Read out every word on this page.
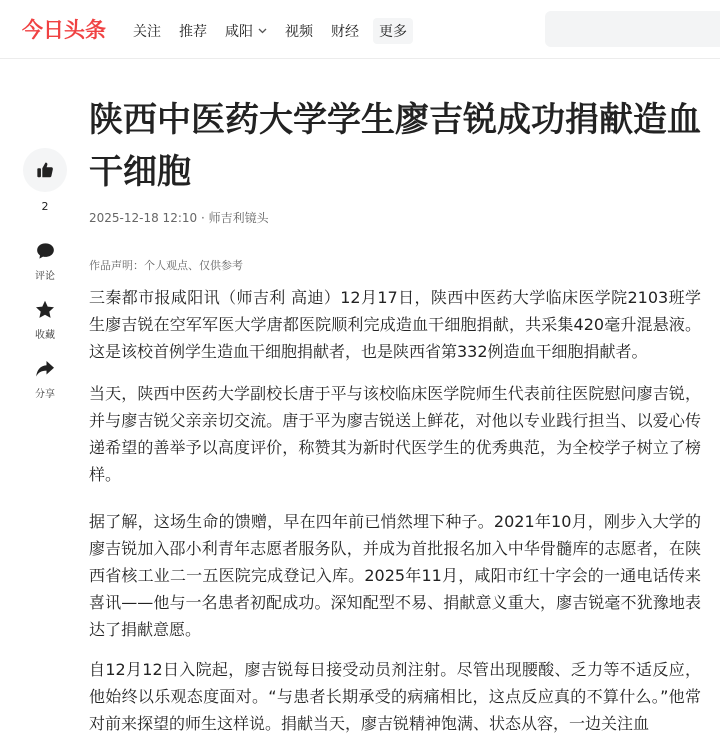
今日头条 关注 推荐 咸阳	视频 财经	更多
2
评论
收藏
分享
陕西中医药大学学生廖吉锐成功捐献造血干细胞
2025-12-18 12:10 · 师吉利镜头
作品声明：个人观点、仅供参考

三秦都市报咸阳讯（师吉利 高迪）12月17日，陕西中医药大学临床医学院2103班学生廖吉锐在空军军医大学唐都医院顺利完成造血干细胞捐献，共采集420毫升混悬液。这是该校首例学生造血干细胞捐献者，也是陕西省第332例造血干细胞捐献者。

当天，陕西中医药大学副校长唐于平与该校临床医学院师生代表前往医院慰问廖吉锐，并与廖吉锐父亲亲切交流。唐于平为廖吉锐送上鲜花，对他以专业践行担当、以爱心传递希望的善举予以高度评价，称赞其为新时代医学生的优秀典范，为全校学子树立了榜样。

据了解，这场生命的馈赠，早在四年前已悄然埋下种子。2021年10月，刚步入大学的廖吉锐加入邵小利青年志愿者服务队，并成为首批报名加入中华骨髓库的志愿者，在陕西省核工业二一五医院完成登记入库。2025年11月，咸阳市红十字会的一通电话传来喜讯——他与一名患者初配成功。深知配型不易、捐献意义重大，廖吉锐毫不犹豫地表达了捐献意愿。

自12月12日入院起，廖吉锐每日接受动员剂注射。尽管出现腰酸、乏力等不适反应，他始终以乐观态度面对。“与患者长期承受的病痛相比，这点反应真的不算什么。”他常对前来探望的师生这样说。捐献当天，廖吉锐精神饱满、状态从容，一边关注血
